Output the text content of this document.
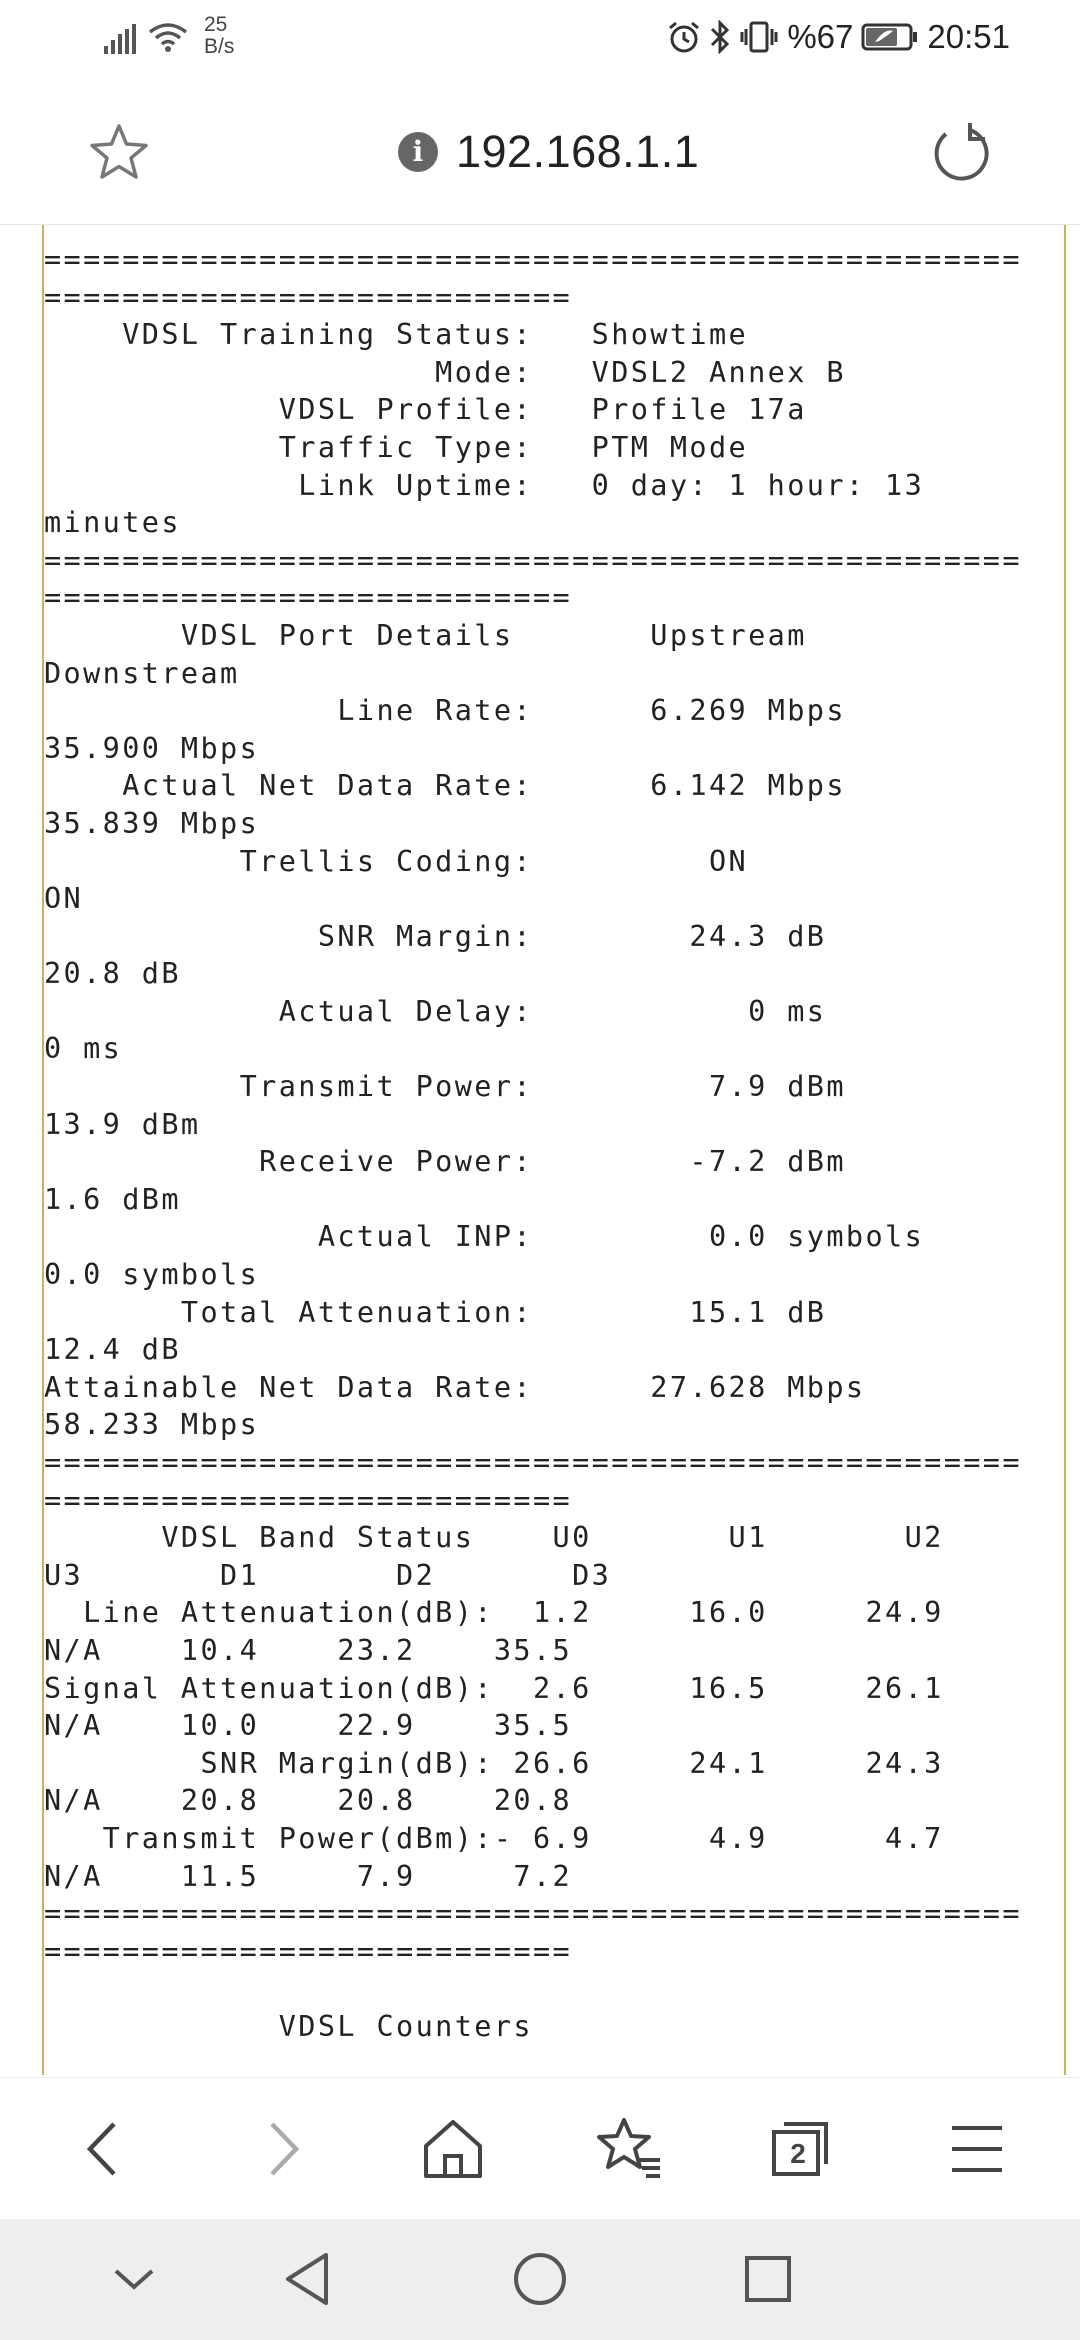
25
B/s	%67 20:51
i 192.168.1.1
==================================================
===========================
VDSL Training Status:   Showtime
Mode:   VDSL2 Annex B
VDSL Profile:   Profile 17a
Traffic Type:   PTM Mode
Link Uptime:   0 day: 1 hour: 13
minutes
==================================================
===========================
VDSL Port Details       Upstream
Downstream
Line Rate:      6.269 Mbps
35.900 Mbps
Actual Net Data Rate:      6.142 Mbps
35.839 Mbps
Trellis Coding:         ON
ON
SNR Margin:        24.3 dB
20.8 dB
Actual Delay:           0 ms
0 ms
Transmit Power:         7.9 dBm
13.9 dBm
Receive Power:        -7.2 dBm
1.6 dBm
Actual INP:         0.0 symbols
0.0 symbols
Total Attenuation:        15.1 dB
12.4 dB
Attainable Net Data Rate:      27.628 Mbps
58.233 Mbps
==================================================
===========================
VDSL Band Status    U0       U1       U2
U3       D1       D2       D3
Line Attenuation(dB):  1.2     16.0     24.9
N/A    10.4    23.2    35.5
Signal Attenuation(dB):  2.6     16.5     26.1
N/A    10.0    22.9    35.5
SNR Margin(dB): 26.6     24.1     24.3
N/A    20.8    20.8    20.8
Transmit Power(dBm):- 6.9      4.9      4.7
N/A    11.5     7.9     7.2
==================================================
===========================

VDSL Counters

2
